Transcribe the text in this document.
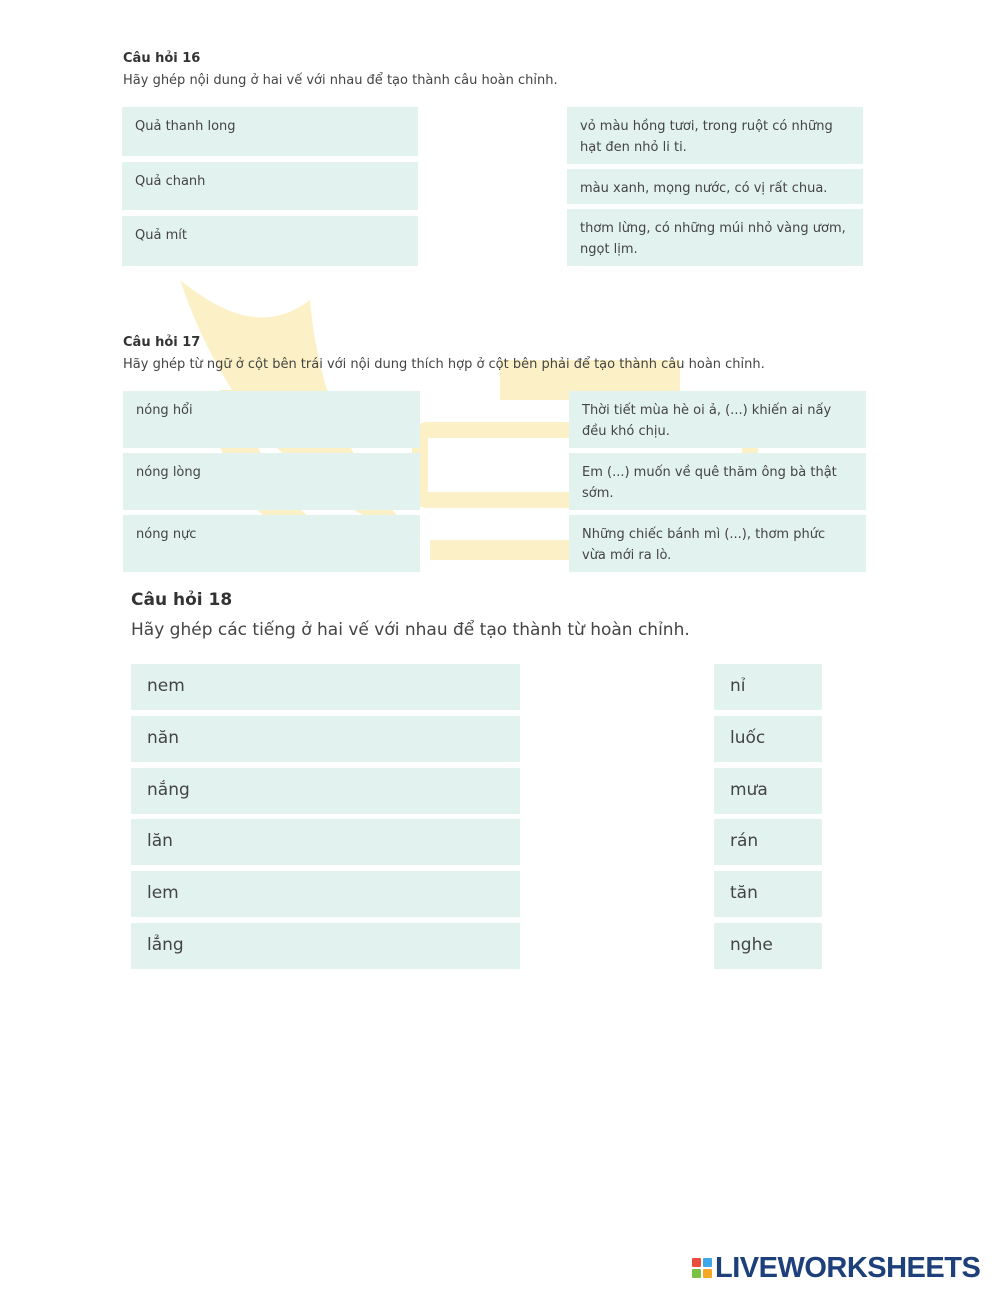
Câu hỏi 16
Hãy ghép nội dung ở hai vế với nhau để tạo thành câu hoàn chỉnh.
Quả thanh long
Quả chanh
Quả mít
vỏ màu hồng tươi, trong ruột có những hạt đen nhỏ li ti.
màu xanh, mọng nước, có vị rất chua.
thơm lừng, có những múi nhỏ vàng ươm, ngọt lịm.
Câu hỏi 17
Hãy ghép từ ngữ ở cột bên trái với nội dung thích hợp ở cột bên phải để tạo thành câu hoàn chỉnh.
nóng hổi
nóng lòng
nóng nực
Thời tiết mùa hè oi ả, (...) khiến ai nấy đều khó chịu.
Em (...) muốn về quê thăm ông bà thật sớm.
Những chiếc bánh mì (...), thơm phức vừa mới ra lò.
Câu hỏi 18
Hãy ghép các tiếng ở hai vế với nhau để tạo thành từ hoàn chỉnh.
nem
năn
nắng
lăn
lem
lẳng
nỉ
luốc
mưa
rán
tăn
nghe
LIVEWORKSHEETS
